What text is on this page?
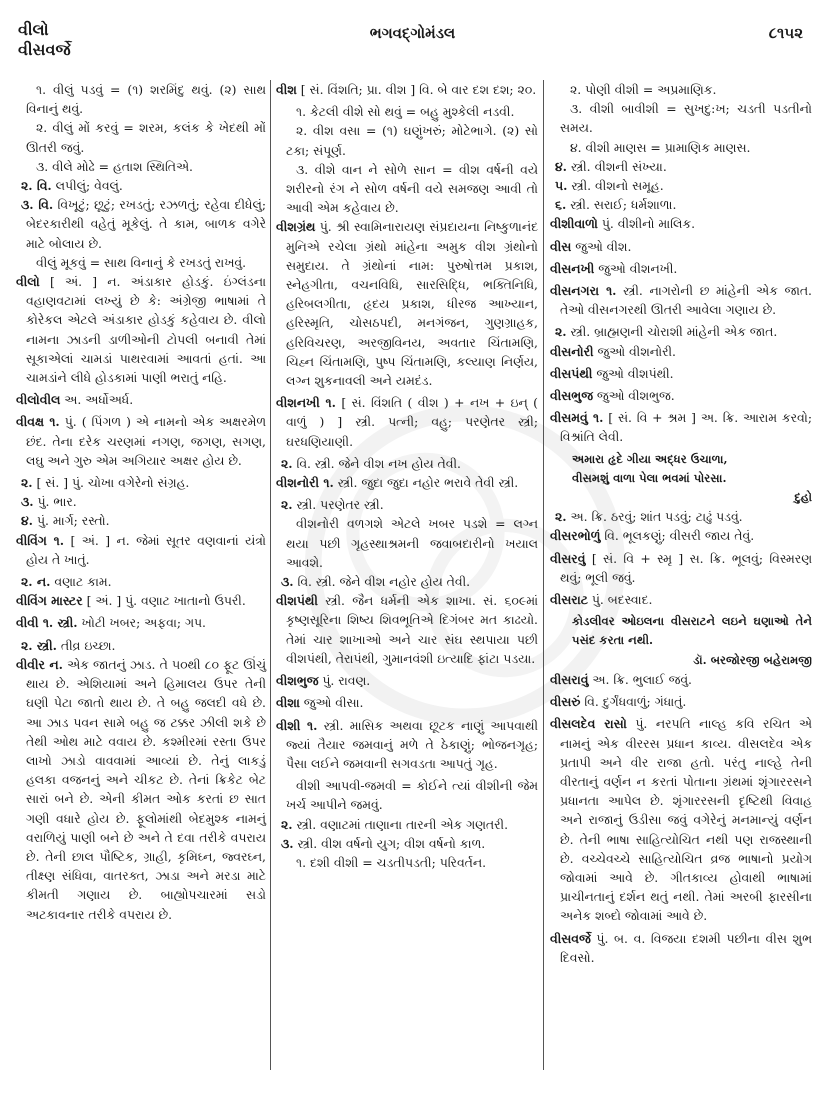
વીલો
વીસવર્જે
ભગવદ્ગોમંડલ	૮૧૫૨

૧. વીલું પડવું = (૧) શરમિંદુ થવું. (૨) સાથ વિનાનું થવું.

૨. વીલું મોં કરવું = શરમ, કલંક કે ખેદથી મોં ઊતરી જવું.

૩. વીલે મોઢે = હતાશ સ્થિતિએ.

૨. વિ. લપીલું; વેવલું.

૩. વિ. વિખૂટું; છૂટું; રખડતું; રઝળતું; રહેવા દીધેલું; બેદરકારીથી વહેતું મૂકેલું. તે કામ, બાળક વગેરે માટે બોલાય છે.

વીલું મૂકવું = સાથ વિનાનું કે રખડતું રાખવું.

વીલો [ અં. ] ન. અંડાકાર હોડકું. ઇંગ્લંડના વહાણવટામાં લખ્યું છે કે: અંગ્રેજી ભાષામાં તે કોરેકલ એટલે અંડાકાર હોડકું કહેવાય છે. વીલો નામના ઝાડની ડાળીઓની ટોપલી બનાવી તેમાં સૂકાએલાં ચામડાં પાથરવામાં આવતાં હતાં. આ ચામડાંને લીધે હોડકામાં પાણી ભરાતું નહિ.

વીલોવીલ અ. અર્ધોઅર્ધ.

વીવક્ષ ૧. પું. ( પિંગળ ) એ નામનો એક અક્ષરમેળ છંદ. તેના દરેક ચરણમાં નગણ, જગણ, સગણ, લઘુ અને ગુરુ એમ અગિયાર અક્ષર હોય છે.

૨. [ સં. ] પું. ચોખા વગેરેનો સંગ્રહ.

૩. પું. ભાર.

૪. પું. માર્ગ; રસ્તો.

વીવિંગ ૧. [ અં. ] ન. જેમાં સૂતર વણવાનાં યંત્રો હોય તે ખાતું.

૨. ન. વણાટ કામ.

વીવિંગ માસ્ટર [ અં. ] પું. વણાટ ખાતાનો ઉપરી.

વીવી ૧. સ્ત્રી. ખોટી ખબર; અફવા; ગપ.

૨. સ્ત્રી. તીવ્ર ઇચ્છા.

વીવીર ન. એક જાતનું ઝાડ. તે ૫૦થી ૮૦ ફૂટ ઊંચું થાય છે. એશિયામાં અને હિમાલય ઉપર તેની ઘણી પેટા જાતો થાય છે. તે બહુ જલદી વધે છે. આ ઝાડ પવન સામે બહુ જ ટક્કર ઝીલી શકે છે તેથી ઓથ માટે વવાય છે. કશ્મીરમાં રસ્તા ઉપર લાખો ઝાડો વાવવામાં આવ્યાં છે. તેનું લાકડું હલકા વજનનું અને ચીકટ છે. તેનાં ક્રિકેટ બેટ સારાં બને છે. એની કીમત ઓક કરતાં છ સાત ગણી વધારે હોય છે. ફૂલોમાંથી બેદમુશ્ક નામનું વરાળિયું પાણી બને છે અને તે દવા તરીકે વપરાય છે. તેની છાલ પૌષ્ટિક, ગ્રાહી, કૃમિઘ્ન, જ્વરઘ્ન, તીક્ષ્ણ સંધિવા, વાતરક્ત, ઝાડા અને મરડા માટે કીમતી ગણાય છે. બાહ્યોપચારમાં સડો અટકાવનાર તરીકે વપરાય છે.

વીશ [ સં. વિંશતિ; પ્રા. વીશ ] વિ. બે વાર દશ દશ; ૨૦.

૧. કેટલી વીશે સો થવું = બહુ મુશ્કેલી નડવી.

૨. વીશ વસા = (૧) ઘણુંખરું; મોટેભાગે. (૨) સો ટકા; સંપૂર્ણ.

૩. વીશે વાન ને સોળે સાન = વીશ વર્ષની વયે શરીરનો રંગ ને સોળ વર્ષની વયે સમજણ આવી તો આવી એમ કહેવાય છે.

વીશગ્રંથ પું. શ્રી સ્વામિનારાયણ સંપ્રદાયના નિષ્કુળાનંદ મુનિએ રચેલા ગ્રંથો માંહેના અમુક વીશ ગ્રંથોનો સમુદાય. તે ગ્રંથોનાં નામ: પુરુષોત્તમ પ્રકાશ, સ્નેહગીતા, વચનવિધિ, સારસિદ્ધિ, ભક્તિનિધિ, હરિબલગીતા, હૃદય પ્રકાશ, ધીરજ આખ્યાન, હરિસ્મૃતિ, ચોસઠપદી, મનગંજન, ગુણગ્રાહક, હરિવિચરણ, અરજીવિનય, અવતાર ચિંતામણિ, ચિહ્ન ચિંતામણિ, પુષ્પ ચિંતામણિ, કલ્યાણ નિર્ણય, લગ્ન શુકનાવલી અને યમદંડ.

વીશનખી ૧. [ સં. વિંશતિ ( વીશ ) + નખ + ઇન્ ( વાળું ) ] સ્ત્રી. પત્ની; વહુ; પરણેતર સ્ત્રી; ઘરધણિયાણી.

૨. વિ. સ્ત્રી. જેને વીશ નખ હોય તેવી.

વીશનોરી ૧. સ્ત્રી. જુદા જુદા નહોર ભરાવે તેવી સ્ત્રી.

૨. સ્ત્રી. પરણેતર સ્ત્રી.

વીશનોરી વળગશે એટલે ખબર પડશે = લગ્ન થયા પછી ગૃહસ્થાશ્રમની જવાબદારીનો ખયાલ આવશે.

૩. વિ. સ્ત્રી. જેને વીશ નહોર હોય તેવી.

વીશપંથી સ્ત્રી. જૈન ધર્મની એક શાખા. સં. ૬૦૯માં કૃષ્ણસૂરિના શિષ્ય શિવભૂતિએ દિગંબર મત કાઢયો. તેમાં ચાર શાખાઓ અને ચાર સંઘ સ્થપાયા પછી વીશપંથી, તેરાપંથી, ગુમાનવંશી ઇત્યાદિ ફાંટા પડયા.

વીશભુજ પું. રાવણ.

વીશા જુઓ વીસા.

વીશી ૧. સ્ત્રી. માસિક અથવા છૂટક નાણું આપવાથી જ્યાં તૈયાર જમવાનું મળે તે ઠેકાણું; ભોજનગૃહ; પૈસા લઈને જમવાની સગવડતા આપતું ગૃહ.

વીશી આપવી-જમવી = કોઈને ત્યાં વીશીની જેમ ખર્ચ આપીને જમવું.

૨. સ્ત્રી. વણાટમાં તાણાના તારની એક ગણતરી.

૩. સ્ત્રી. વીશ વર્ષનો યુગ; વીશ વર્ષનો કાળ.

૧. દશી વીશી = ચડતીપડતી; પરિવર્તન.

૨. પોણી વીશી = અપ્રમાણિક.

૩. વીશી બાવીશી = સુખદુ:ખ; ચડતી પડતીનો સમય.

૪. વીશી માણસ = પ્રામાણિક માણસ.

૪. સ્ત્રી. વીશની સંખ્યા.

૫. સ્ત્રી. વીશનો સમૂહ.

૬. સ્ત્રી. સરાઈ; ધર્મશાળા.

વીશીવાળો પું. વીશીનો માલિક.

વીસ જુઓ વીશ.

વીસનખી જુઓ વીશનખી.

વીસનગરા ૧. સ્ત્રી. નાગરોની છ માંહેની એક જાત. તેઓ વીસનગરથી ઊતરી આવેલા ગણાય છે.

૨. સ્ત્રી. બ્રાહ્મણની ચોરાશી માંહેની એક જાત.

વીસનોરી જુઓ વીશનોરી.

વીસપંથી જુઓ વીશપંથી.

વીસભુજ જુઓ વીશભુજ.

વીસમવું ૧. [ સં. વિ + શ્રમ ] અ. ક્રિ. આરામ કરવો; વિશ્રાંતિ લેવી.

અમારા હૃદે ગીયા અદ્ધર ઉચાળા,

વીસમશું વાળા પેલા ભવમાં પોરસા.

દુહો

૨. અ. ક્રિ. ઠરવું; શાંત પડવું; ટાઢું પડવું.

વીસરભોળું વિ. ભૂલકણું; વીસરી જાય તેવું.

વીસરવું [ સં. વિ + સ્મૃ ] સ. ક્રિ. ભૂલવું; વિસ્મરણ થવું; ભૂલી જવું.

વીસરાટ પું. બદસ્વાદ.

કોડલીવર ઓઇલના વીસરાટને લઇને ઘણાઓ તેને પસંદ કરતા નથી.

ડૉ. બરજોરજી બહેરામજી

વીસરાવું અ. ક્રિ. ભુલાઈ જવું.

વીસરું વિ. દુર્ગંધવાળું; ગંધાતું.

વીસલદેવ રાસો પું. નરપતિ નાલ્હ કવિ રચિત એ નામનું એક વીરરસ પ્રધાન કાવ્ય. વીસલદેવ એક પ્રતાપી અને વીર રાજા હતો. પરંતુ નાલ્હે તેની વીરતાનું વર્ણન ન કરતાં પોતાના ગ્રંથમાં શૃંગારરસને પ્રધાનતા આપેલ છે. શૃંગારરસની દૃષ્ટિથી વિવાહ અને રાજાનું ઉડીસા જવું વગેરેનું મનમાન્યું વર્ણન છે. તેની ભાષા સાહિત્યોચિત નથી પણ રાજસ્થાની છે. વચ્ચેવચ્ચે સાહિત્યોચિત વ્રજ ભાષાનો પ્રયોગ જોવામાં આવે છે. ગીતકાવ્ય હોવાથી ભાષામાં પ્રાચીનતાનું દર્શન થતું નથી. તેમાં અરબી ફારસીના અનેક શબ્દો જોવામાં આવે છે.

વીસવર્જે પું. બ. વ. વિજયા દશમી પછીના વીસ શુભ દિવસો.
